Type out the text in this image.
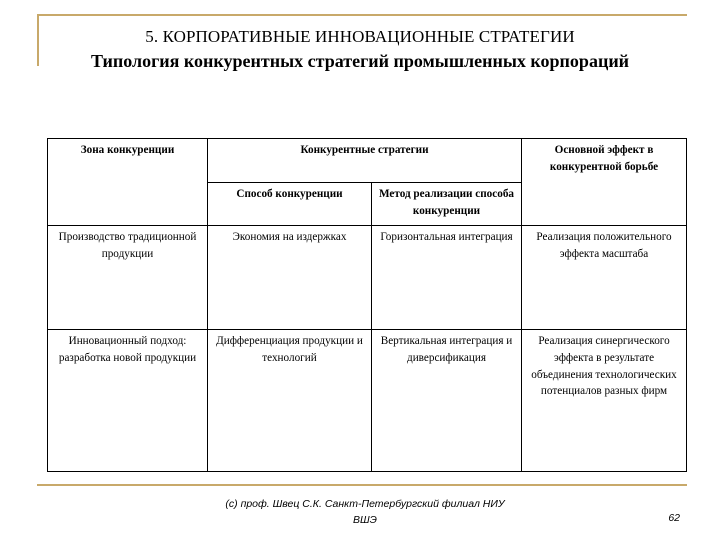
5. КОРПОРАТИВНЫЕ ИННОВАЦИОННЫЕ СТРАТЕГИИ
Типология конкурентных стратегий промышленных корпораций
Зона конкуренции	Конкурентные стратегии		Основной эффект в конкурентной борьбе
	Способ конкуренции	Метод реализации способа конкуренции	
Производство традиционной продукции	Экономия на издержках	Горизонтальная интеграция	Реализация положительного эффекта масштаба
Инновационный подход: разработка новой продукции	Дифференциация продукции и технологий	Вертикальная интеграция и диверсификация	Реализация синергического эффекта в результате объединения технологических потенциалов разных фирм
(с) проф. Швец С.К. Санкт-Петербургский филиал НИУ ВШЭ	62
